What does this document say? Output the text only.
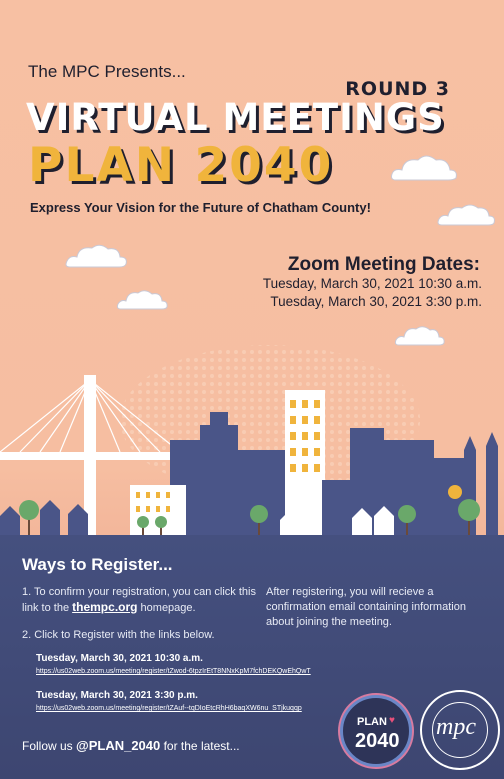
The MPC Presents...
ROUND 3
VIRTUAL MEETINGS
PLAN 2040
Express Your Vision for the Future of Chatham County!
Zoom Meeting Dates:
Tuesday, March 30, 2021 10:30 a.m.
Tuesday, March 30, 2021 3:30 p.m.
Ways to Register...
1. To confirm your registration, you can click this link to the thempc.org homepage.
2. Click to Register with the links below.
After registering, you will recieve a confirmation email containing information about joining the meeting.
Tuesday, March 30, 2021 10:30 a.m.
https://us02web.zoom.us/meeting/register/tZwod-6tpzIrEtT8NNxKpM7fchDEKQwEhQwT
Tuesday, March 30, 2021 3:30 p.m.
https://us02web.zoom.us/meeting/register/tZAuf--tqDIoEtcRhH6baqXW6nu_STjkuqqp
Follow us @PLAN_2040 for the latest...
PLAN ♥
2040
mpc
